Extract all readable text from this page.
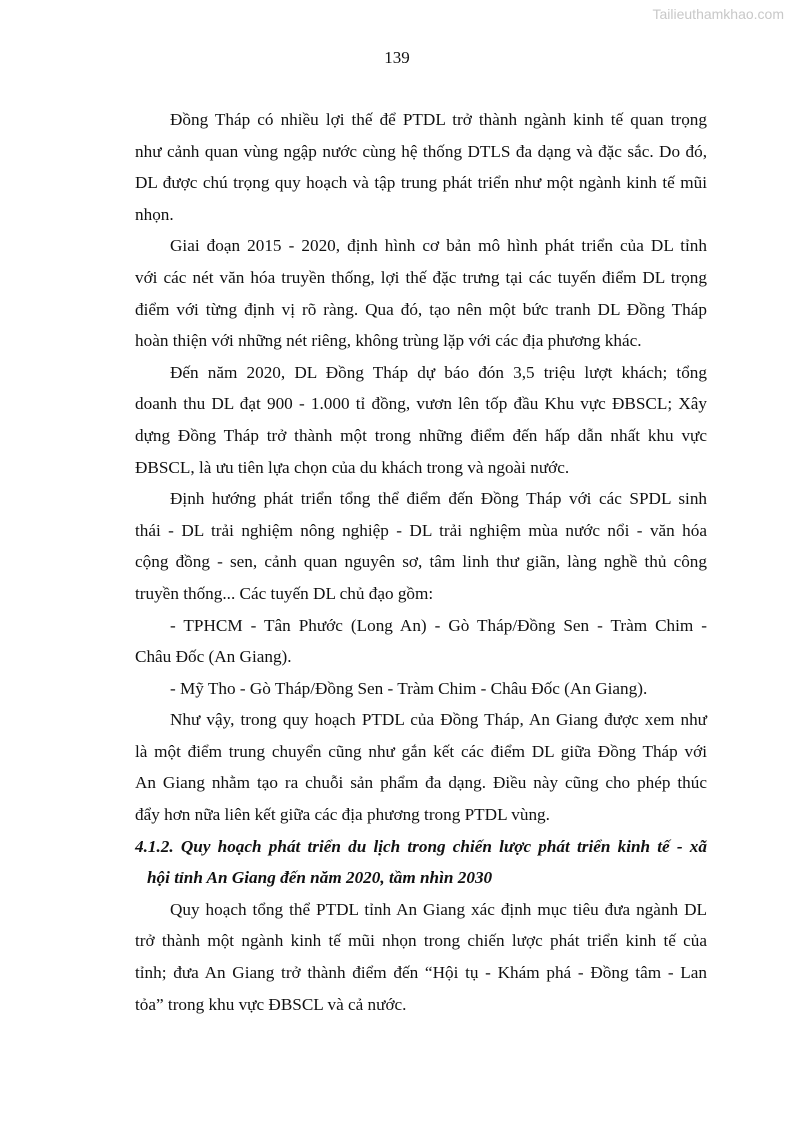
Tailieuthamkhao.com
139
Đồng Tháp có nhiều lợi thế để PTDL trở thành ngành kinh tế quan trọng
như cảnh quan vùng ngập nước cùng hệ thống DTLS đa dạng và đặc sắc. Do đó,
DL được chú trọng quy hoạch và tập trung phát triển như một ngành kinh tế mũi
nhọn.
Giai đoạn 2015 - 2020, định hình cơ bản mô hình phát triển của DL tỉnh
với các nét văn hóa truyền thống, lợi thế đặc trưng tại các tuyến điểm DL trọng
điểm với từng định vị rõ ràng. Qua đó, tạo nên một bức tranh DL Đồng Tháp
hoàn thiện với những nét riêng, không trùng lặp với các địa phương khác.
Đến năm 2020, DL Đồng Tháp dự báo đón 3,5 triệu lượt khách; tổng
doanh thu DL đạt 900 - 1.000 tỉ đồng, vươn lên tốp đầu Khu vực ĐBSCL; Xây
dựng Đồng Tháp trở thành một trong những điểm đến hấp dẫn nhất khu vực
ĐBSCL, là ưu tiên lựa chọn của du khách trong và ngoài nước.
Định hướng phát triển tổng thể điểm đến Đồng Tháp với các SPDL sinh
thái - DL trải nghiệm nông nghiệp - DL trải nghiệm mùa nước nổi - văn hóa
cộng đồng - sen, cảnh quan nguyên sơ, tâm linh thư giãn, làng nghề thủ công
truyền thống... Các tuyến DL chủ đạo gồm:
- TPHCM - Tân Phước (Long An) - Gò Tháp/Đồng Sen - Tràm Chim -
Châu Đốc (An Giang).
- Mỹ Tho - Gò Tháp/Đồng Sen - Tràm Chim - Châu Đốc (An Giang).
Như vậy, trong quy hoạch PTDL của Đồng Tháp, An Giang được xem như
là một điểm trung chuyển cũng như gắn kết các điểm DL giữa Đồng Tháp với
An Giang nhằm tạo ra chuỗi sản phẩm đa dạng. Điều này cũng cho phép thúc
đẩy hơn nữa liên kết giữa các địa phương trong PTDL vùng.
4.1.2. Quy hoạch phát triển du lịch trong chiến lược phát triển kinh tế - xã
hội tỉnh An Giang đến năm 2020, tầm nhìn 2030
Quy hoạch tổng thể PTDL tỉnh An Giang xác định mục tiêu đưa ngành DL
trở thành một ngành kinh tế mũi nhọn trong chiến lược phát triển kinh tế của
tỉnh; đưa An Giang trở thành điểm đến “Hội tụ - Khám phá - Đồng tâm - Lan
tỏa” trong khu vực ĐBSCL và cả nước.
